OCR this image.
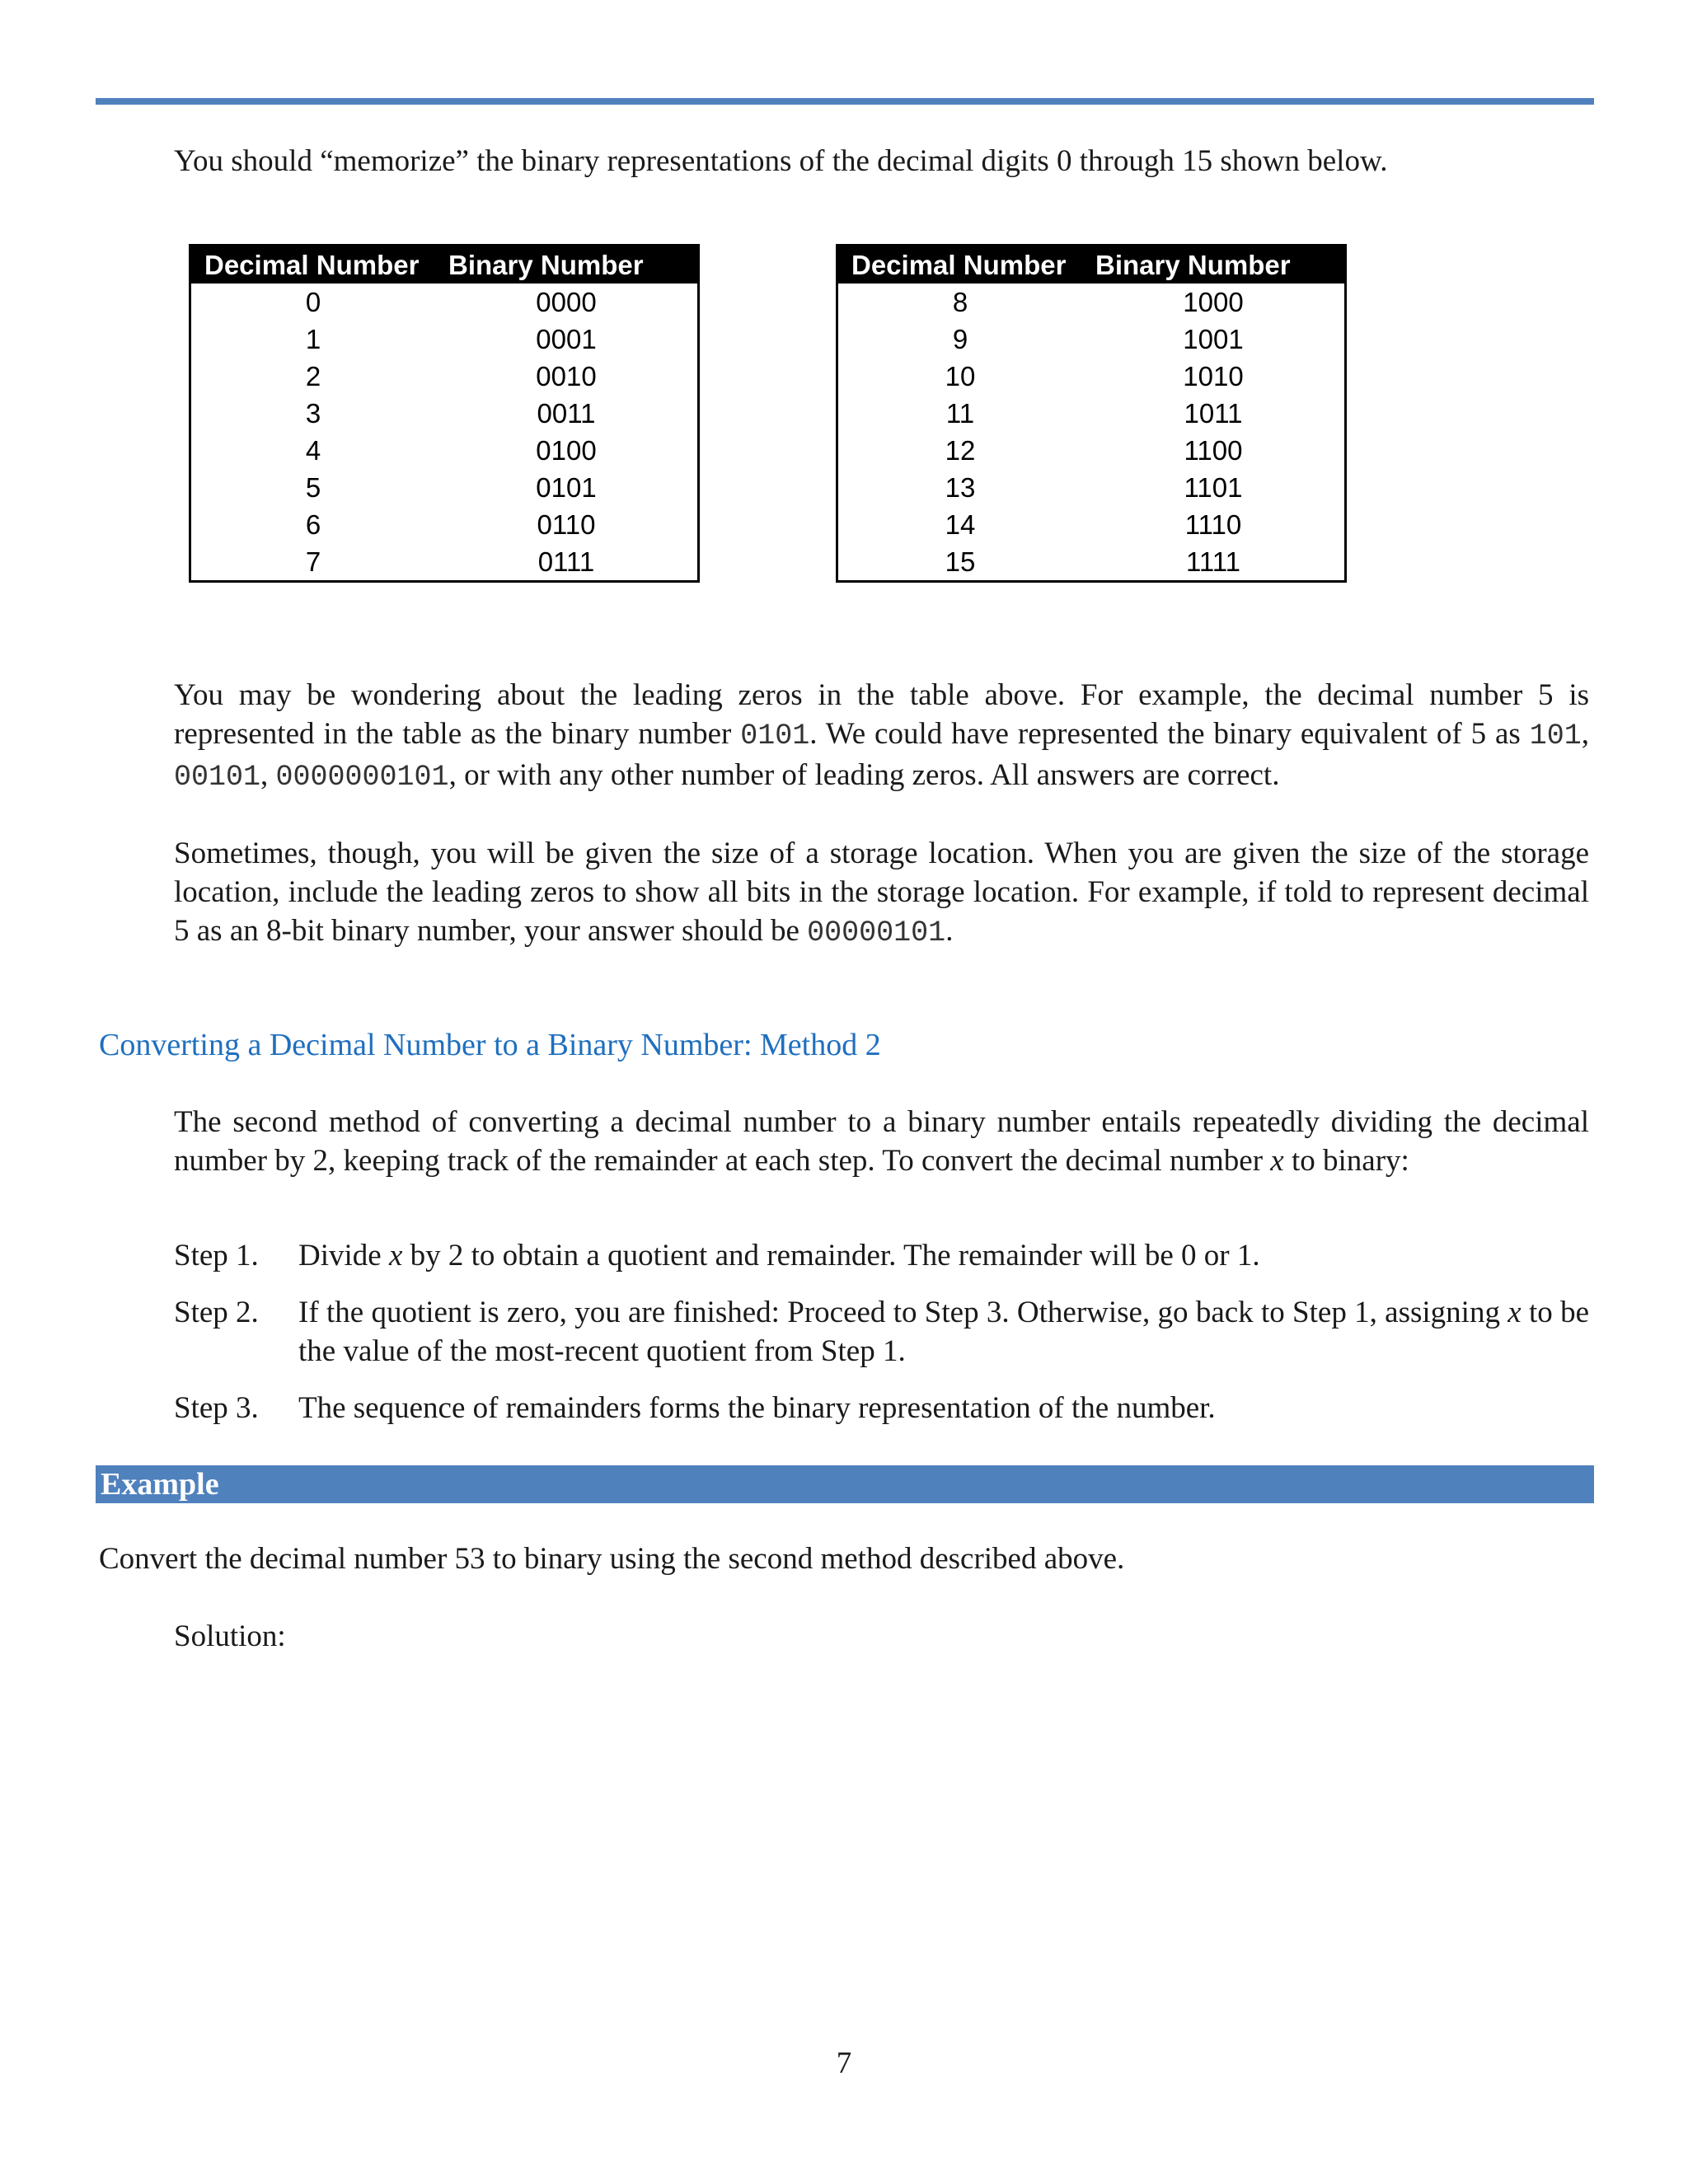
You should “memorize” the binary representations of the decimal digits 0 through 15 shown below.
Decimal Number	Binary Number
0	0000
1	0001
2	0010
3	0011
4	0100
5	0101
6	0110
7	0111
Decimal Number	Binary Number
8	1000
9	1001
10	1010
11	1011
12	1100
13	1101
14	1110
15	1111
You may be wondering about the leading zeros in the table above. For example, the decimal number 5 is represented in the table as the binary number 0101. We could have represented the binary equivalent of 5 as 101, 00101, 0000000101, or with any other number of leading zeros. All answers are correct.
Sometimes, though, you will be given the size of a storage location. When you are given the size of the storage location, include the leading zeros to show all bits in the storage location. For example, if told to represent decimal 5 as an 8-bit binary number, your answer should be 00000101.
Converting a Decimal Number to a Binary Number: Method 2
The second method of converting a decimal number to a binary number entails repeatedly dividing the decimal number by 2, keeping track of the remainder at each step. To convert the decimal number x to binary:
Step 1.	Divide x by 2 to obtain a quotient and remainder. The remainder will be 0 or 1.
Step 2.	If the quotient is zero, you are finished: Proceed to Step 3. Otherwise, go back to Step 1, assigning x to be the value of the most-recent quotient from Step 1.
Step 3.	The sequence of remainders forms the binary representation of the number.
Example
Convert the decimal number 53 to binary using the second method described above.
Solution:
7
